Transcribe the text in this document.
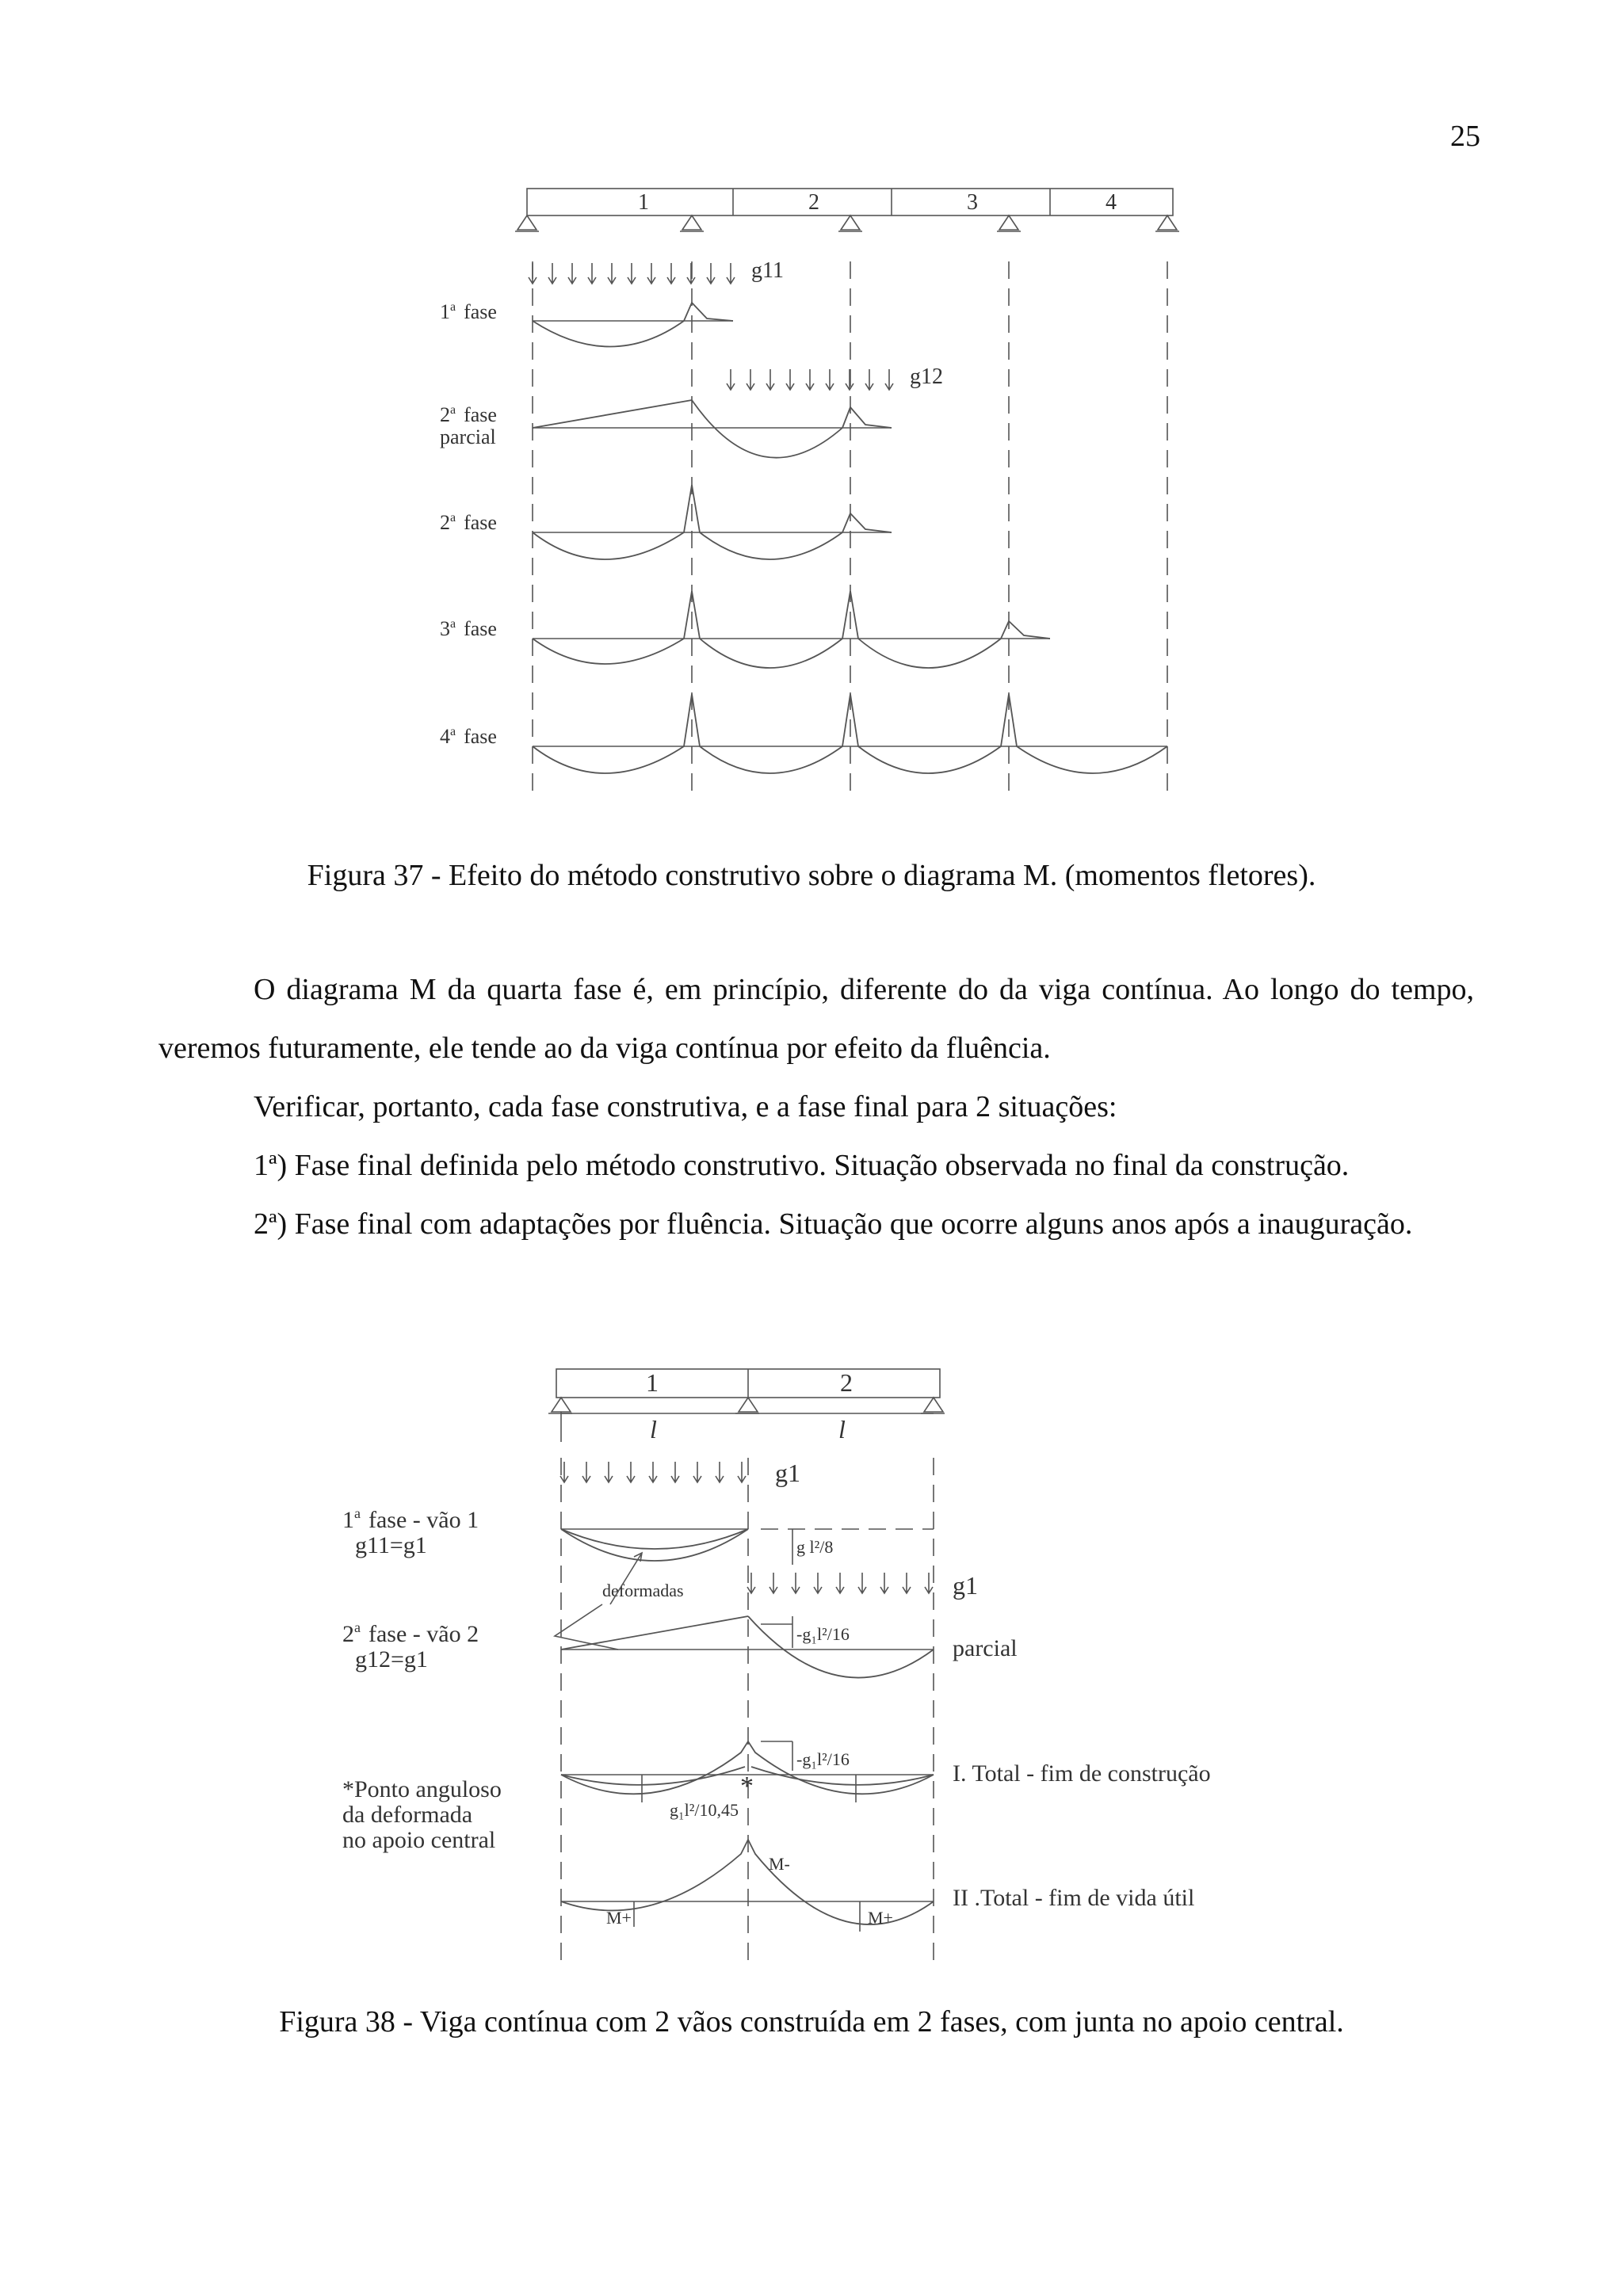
25
1	2	3	4
g11
1$^a$ fase
g12
2$^a$ fase
parcial
2$^a$ fase
3$^a$ fase
4$^a$ fase
Figura 37 - Efeito do método construtivo sobre o diagrama M. (momentos fletores).

O diagrama M da quarta fase é, em princípio, diferente do da viga contínua. Ao longo do tempo, veremos futuramente, ele tende ao da viga contínua por efeito da fluência.

Verificar, portanto, cada fase construtiva, e a fase final para 2 situações:

1ª) Fase final definida pelo método construtivo. Situação observada no final da construção.

2ª) Fase final com adaptações por fluência. Situação que ocorre alguns anos após a inauguração.

1	2
l	l
g1
1$^a$ fase - vão 1
g11=g1	g l²/8
deformadas	g1
2$^a$ fase - vão 2
g12=g1
-g₁l²/16
parcial
-g₁l²/16
g₁l²/10,45
*	I. Total - fim de construção
*Ponto anguloso
da deformada
no apoio central
M+	M+
M-
II .Total - fim de vida útil
Figura 38 - Viga contínua com 2 vãos construída em 2 fases, com junta no apoio central.
